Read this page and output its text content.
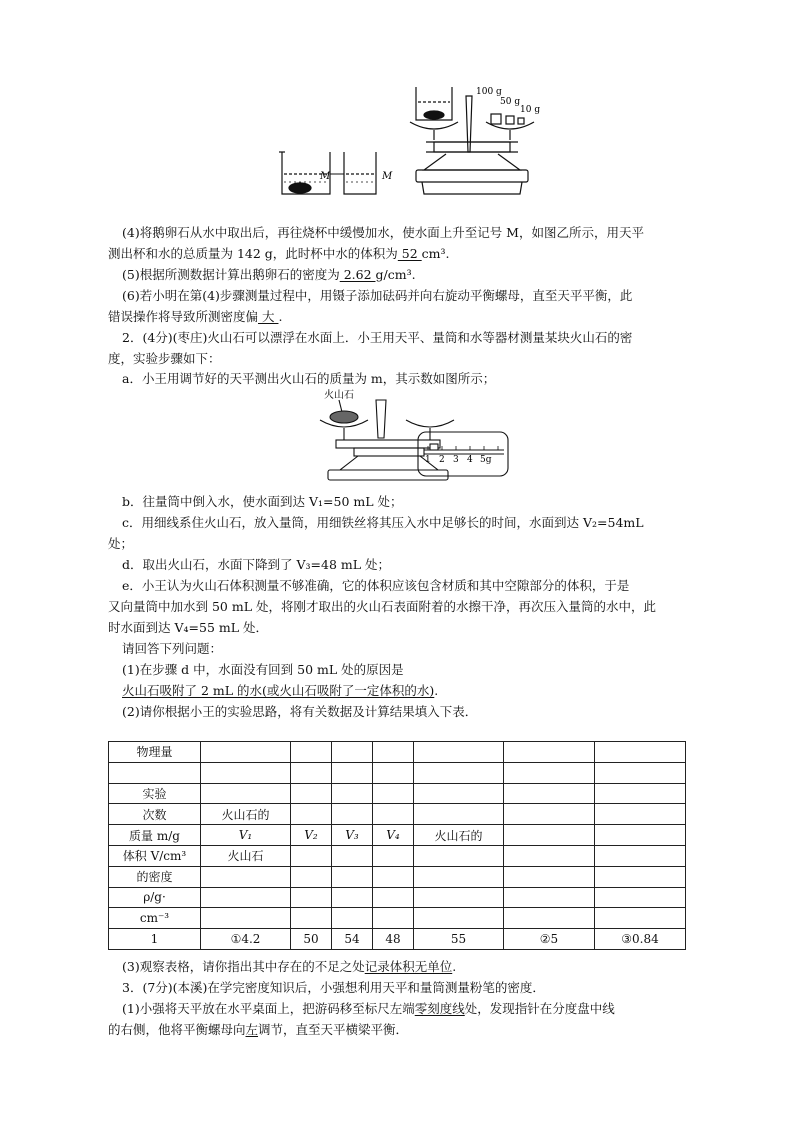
M	M
100 g
50 g
10 g
(4)将鹅卵石从水中取出后，再往烧杯中缓慢加水，使水面上升至记号 M，如图乙所示，用天平
测出杯和水的总质量为 142 g，此时杯中水的体积为 52 cm³.
(5)根据所测数据计算出鹅卵石的密度为 2.62 g/cm³.
(6)若小明在第(4)步骤测量过程中，用镊子添加砝码并向右旋动平衡螺母，直至天平平衡，此
错误操作将导致所测密度偏 大 .
2．(4分)(枣庄)火山石可以漂浮在水面上．小王用天平、量筒和水等器材测量某块火山石的密
度，实验步骤如下：
a．小王用调节好的天平测出火山石的质量为 m，其示数如图所示；
火山石
1 2 3 4 5g
b．往量筒中倒入水，使水面到达 V₁=50 mL 处；
c．用细线系住火山石，放入量筒，用细铁丝将其压入水中足够长的时间，水面到达 V₂=54mL
处；
d．取出火山石，水面下降到了 V₃=48 mL 处；
e．小王认为火山石体积测量不够准确，它的体积应该包含材质和其中空隙部分的体积，于是
又向量筒中加水到 50 mL 处，将刚才取出的火山石表面附着的水擦干净，再次压入量筒的水中，此
时水面到达 V₄=55 mL 处．
请回答下列问题：
(1)在步骤 d 中，水面没有回到 50 mL 处的原因是
火山石吸附了 2 mL 的水(或火山石吸附了一定体积的水).
(2)请你根据小王的实验思路，将有关数据及计算结果填入下表．
物理量							

实验							
次数	火山石的						
质量 m/g	V₁	V₂	V₃	V₄	火山石的		
体积 V/cm³	火山石						
的密度							
ρ/g·							
cm⁻³							
1	①4.2	50	54	48	55	②5	③0.84
(3)观察表格，请你指出其中存在的不足之处记录体积无单位.
3．(7分)(本溪)在学完密度知识后，小强想利用天平和量筒测量粉笔的密度．
(1)小强将天平放在水平桌面上，把游码移至标尺左端零刻度线处，发现指针在分度盘中线
的右侧，他将平衡螺母向左调节，直至天平横梁平衡．
